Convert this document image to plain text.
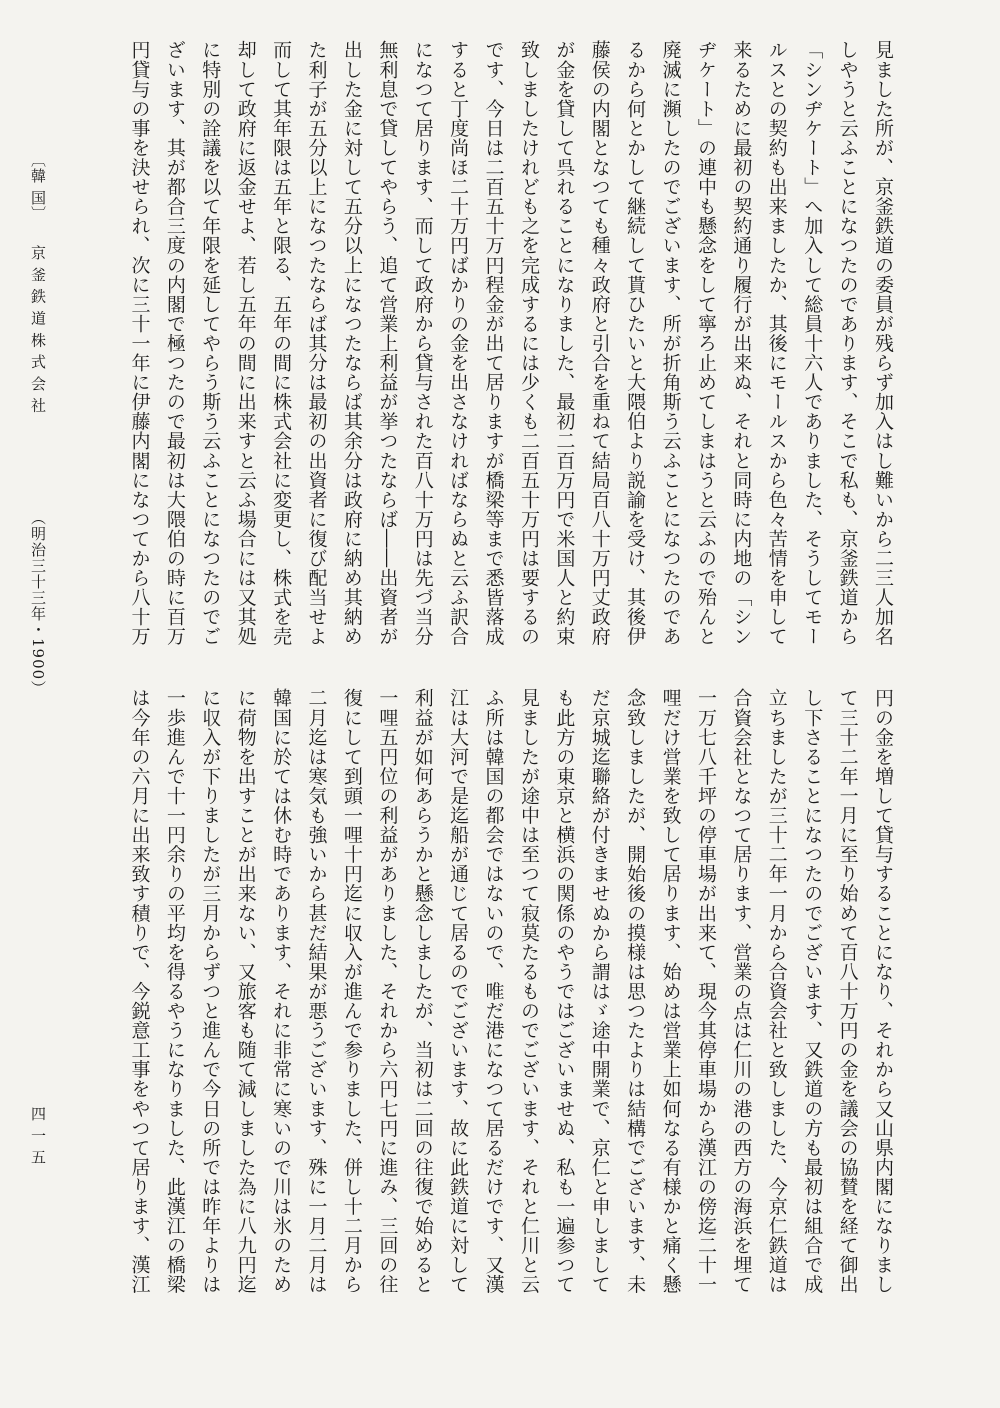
見ました所が、京釜鉄道の委員が残らず加入はし難いから二三人加名

しやうと云ふことになつたのであります、そこで私も、京釜鉄道から

「シンヂケート」へ加入して総員十六人でありました、そうしてモー

ルスとの契約も出来ましたか、其後にモールスから色々苦情を申して

来るために最初の契約通り履行が出来ぬ、それと同時に内地の「シン

ヂケート」の連中も懸念をして寧ろ止めてしまはうと云ふので殆んと

廃滅に瀕したのでございます、所が折角斯う云ふことになつたのであ

るから何とかして継続して貰ひたいと大隈伯より説諭を受け、其後伊

藤侯の内閣となつても種々政府と引合を重ねて結局百八十万円丈政府

が金を貸して呉れることになりました、最初二百万円で米国人と約束

致しましたけれども之を完成するには少くも二百五十万円は要するの

です、今日は二百五十万円程金が出て居りますが橋梁等まで悉皆落成

すると丁度尚ほ二十万円ばかりの金を出さなければならぬと云ふ訳合

になつて居ります、而して政府から貸与された百八十万円は先づ当分

無利息で貸してやらう、追て営業上利益が挙つたならば――出資者が

出した金に対して五分以上になつたならば其余分は政府に納め其納め

た利子が五分以上になつたならば其分は最初の出資者に復び配当せよ

而して其年限は五年と限る、五年の間に株式会社に変更し、株式を売

却して政府に返金せよ、若し五年の間に出来すと云ふ場合には又其処

に特別の詮議を以て年限を延してやらう斯う云ふことになつたのでご

ざいます、其が都合三度の内閣で極つたので最初は大隈伯の時に百万

円貸与の事を決せられ、次に三十一年に伊藤内閣になつてから八十万

円の金を増して貸与することになり、それから又山県内閣になりまし

て三十二年一月に至り始めて百八十万円の金を議会の協賛を経て御出

し下さることになつたのでございます、又鉄道の方も最初は組合で成

立ちましたが三十二年一月から合資会社と致しました、今京仁鉄道は

合資会社となつて居ります、営業の点は仁川の港の西方の海浜を埋て

一万七八千坪の停車場が出来て、現今其停車場から漢江の傍迄二十一

哩だけ営業を致して居ります、始めは営業上如何なる有様かと痛く懸

念致しましたが、開始後の摸様は思つたよりは結構でございます、未

だ京城迄聯絡が付きませぬから謂はゞ途中開業で、京仁と申しまして

も此方の東京と横浜の関係のやうではございませぬ、私も一遍参つて

見ましたが途中は至つて寂莫たるものでございます、それと仁川と云

ふ所は韓国の都会ではないので、唯だ港になつて居るだけです、又漢

江は大河で是迄船が通じて居るのでございます、故に此鉄道に対して

利益が如何あらうかと懸念しましたが、当初は二回の往復で始めると

一哩五円位の利益がありました、それから六円七円に進み、三回の往

復にして到頭一哩十円迄に収入が進んで参りました、併し十二月から

二月迄は寒気も強いから甚だ結果が悪うございます、殊に一月二月は

韓国に於ては休む時であります、それに非常に寒いので川は氷のため

に荷物を出すことが出来ない、又旅客も随て減しました為に八九円迄

に収入が下りましたが三月からずつと進んで今日の所では昨年よりは

一歩進んで十一円余りの平均を得るやうになりました、此漢江の橋梁

は今年の六月に出来致す積りで、今鋭意工事をやつて居ります、漢江

〔韓 国〕
京 釜 鉄 道 株 式 会 社
（明治三十三年・1900）
四 一 五
